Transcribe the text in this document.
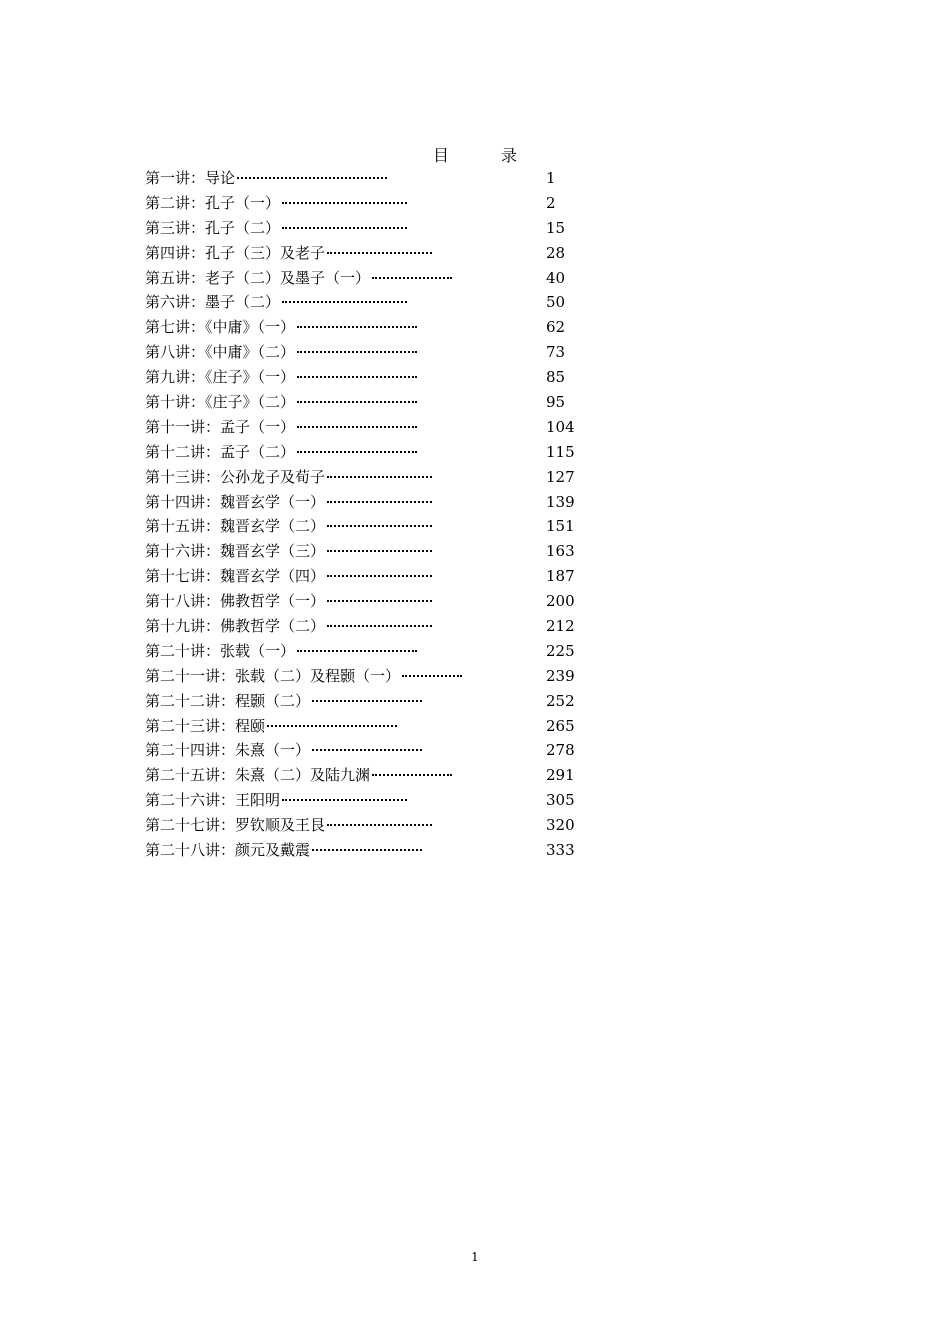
目	录
第一讲：导论	1
第二讲：孔子（一）	2
第三讲：孔子（二）	15
第四讲：孔子（三）及老子	28
第五讲：老子（二）及墨子（一）	40
第六讲：墨子（二）	50
第七讲：《中庸》（一）	62
第八讲：《中庸》（二）	73
第九讲：《庄子》（一）	85
第十讲：《庄子》（二）	95
第十一讲：孟子（一）	104
第十二讲：孟子（二）	115
第十三讲：公孙龙子及荀子	127
第十四讲：魏晋玄学（一）	139
第十五讲：魏晋玄学（二）	151
第十六讲：魏晋玄学（三）	163
第十七讲：魏晋玄学（四）	187
第十八讲：佛教哲学（一）	200
第十九讲：佛教哲学（二）	212
第二十讲：张载（一）	225
第二十一讲：张载（二）及程颢（一）	239
第二十二讲：程颢（二）	252
第二十三讲：程颐	265
第二十四讲：朱熹（一）	278
第二十五讲：朱熹（二）及陆九渊	291
第二十六讲：王阳明	305
第二十七讲：罗钦顺及王艮	320
第二十八讲：颜元及戴震	333
1
